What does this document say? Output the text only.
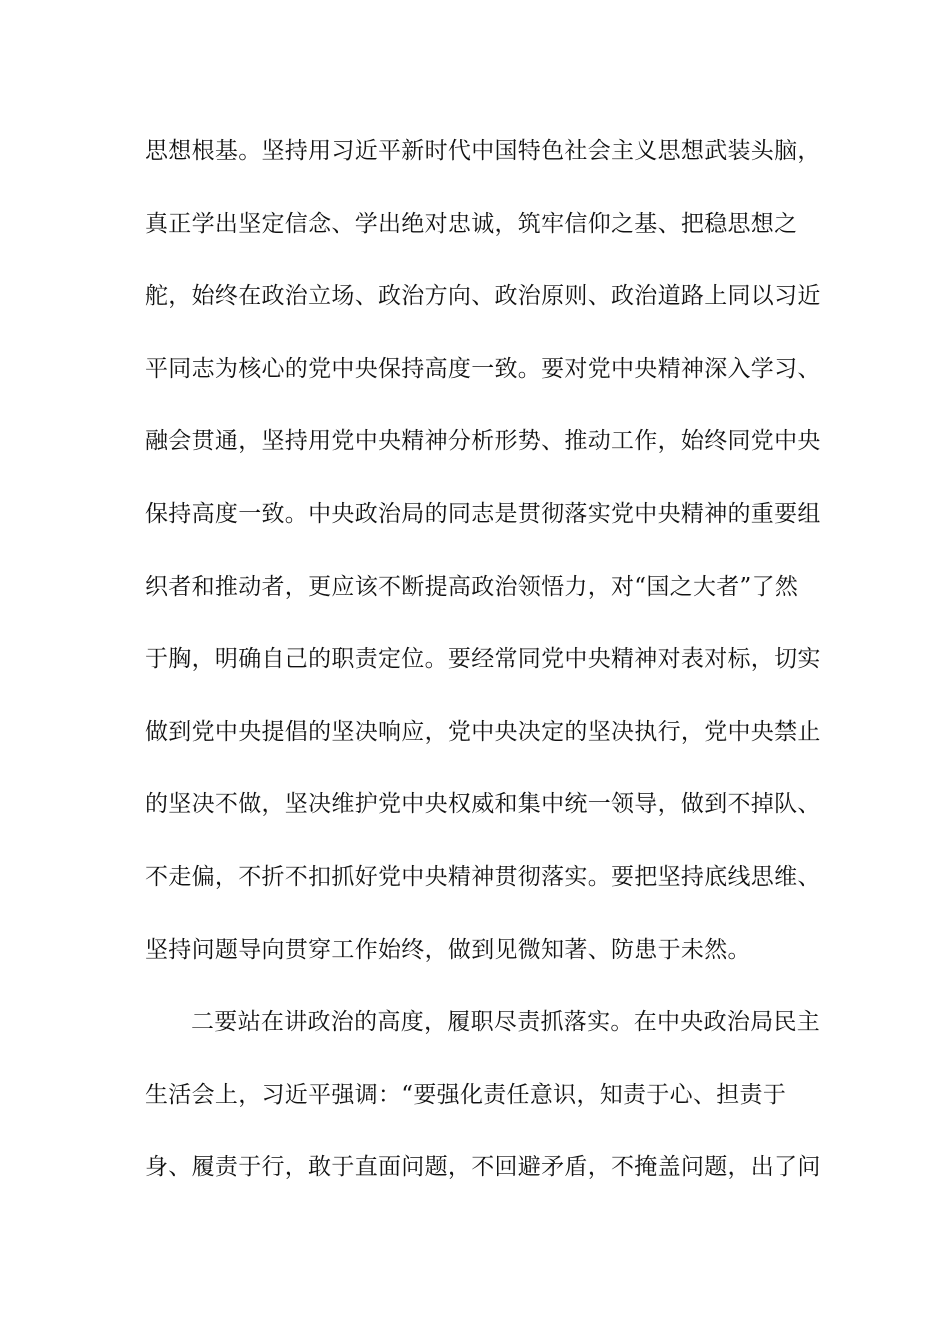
思想根基。坚持用习近平新时代中国特色社会主义思想武装头脑，
真正学出坚定信念、学出绝对忠诚，筑牢信仰之基、把稳思想之
舵，始终在政治立场、政治方向、政治原则、政治道路上同以习近
平同志为核心的党中央保持高度一致。要对党中央精神深入学习、
融会贯通，坚持用党中央精神分析形势、推动工作，始终同党中央
保持高度一致。中央政治局的同志是贯彻落实党中央精神的重要组
织者和推动者，更应该不断提高政治领悟力，对“国之大者”了然
于胸，明确自己的职责定位。要经常同党中央精神对表对标，切实
做到党中央提倡的坚决响应，党中央决定的坚决执行，党中央禁止
的坚决不做，坚决维护党中央权威和集中统一领导，做到不掉队、
不走偏，不折不扣抓好党中央精神贯彻落实。要把坚持底线思维、
坚持问题导向贯穿工作始终，做到见微知著、防患于未然。
二要站在讲政治的高度，履职尽责抓落实。在中央政治局民主
生活会上，习近平强调：“要强化责任意识，知责于心、担责于
身、履责于行，敢于直面问题，不回避矛盾，不掩盖问题，出了问
